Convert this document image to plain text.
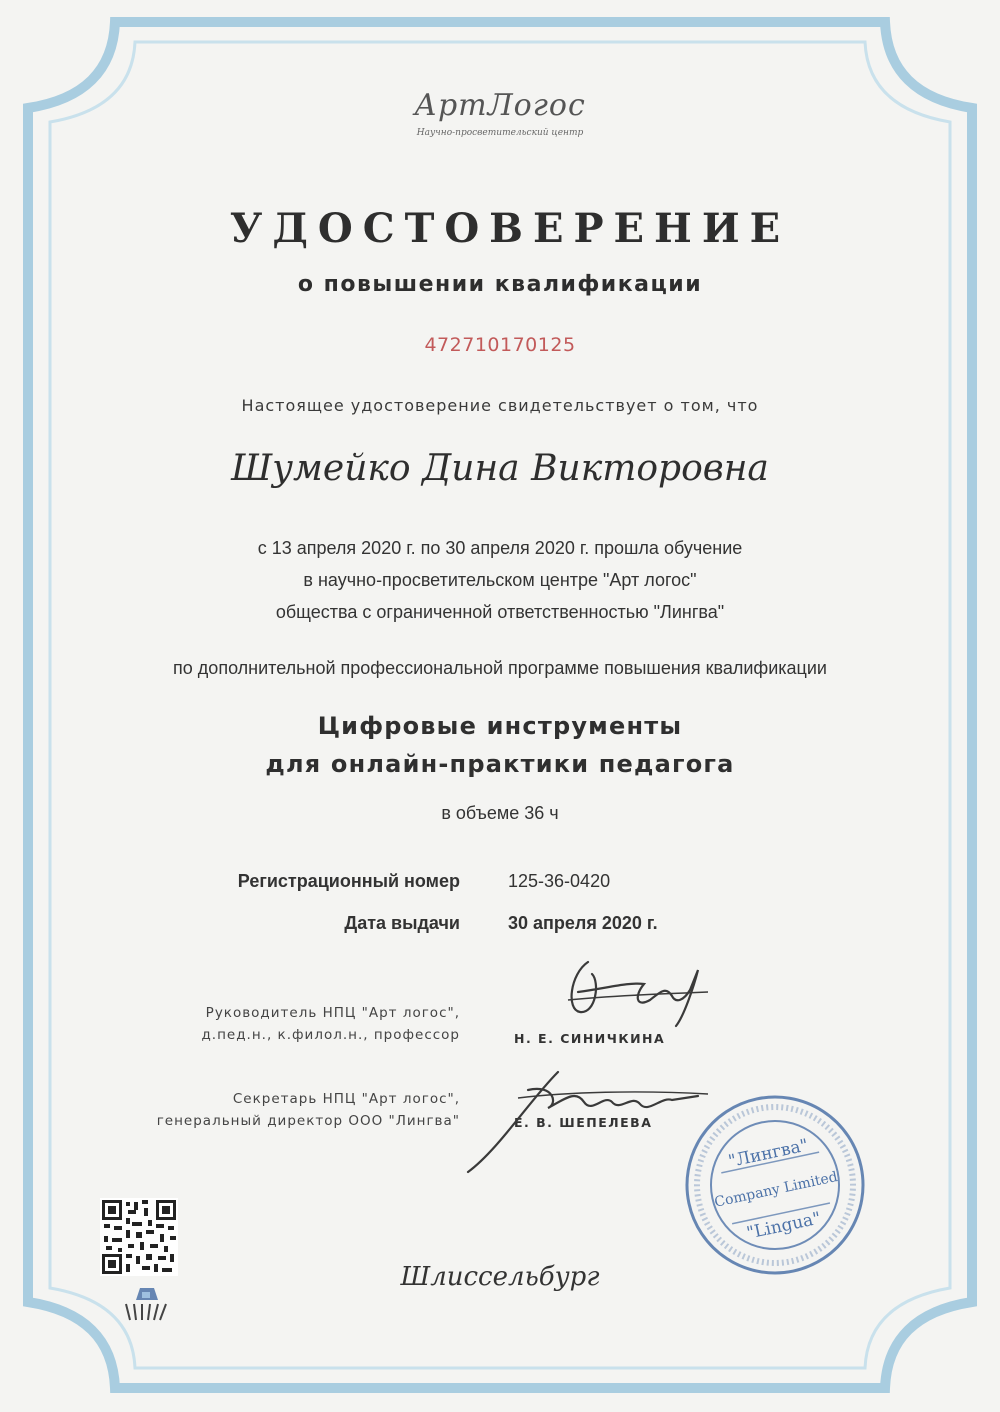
АртЛогос
Научно-просветительский центр
УДОСТОВЕРЕНИЕ
о повышении квалификации
472710170125
Настоящее удостоверение свидетельствует о том, что
Шумейко Дина Викторовна
с 13 апреля 2020 г. по 30 апреля 2020 г. прошла обучение
в научно-просветительском центре "Арт логос"
общества с ограниченной ответственностью "Лингва"
по дополнительной профессиональной программе повышения квалификации
Цифровые инструменты
для онлайн-практики педагога
в объеме 36 ч
Регистрационный номер	125-36-0420
Дата выдачи	30 апреля 2020 г.
Руководитель НПЦ "Арт логос",
д.пед.н., к.филол.н., профессор	Н. Е. СИНИЧКИНА
Секретарь НПЦ "Арт логос",
генеральный директор ООО "Лингва"	Е. В. ШЕПЕЛЕВА
"Лингва"
Company Limited
"Lingua"
Шлиссельбург
